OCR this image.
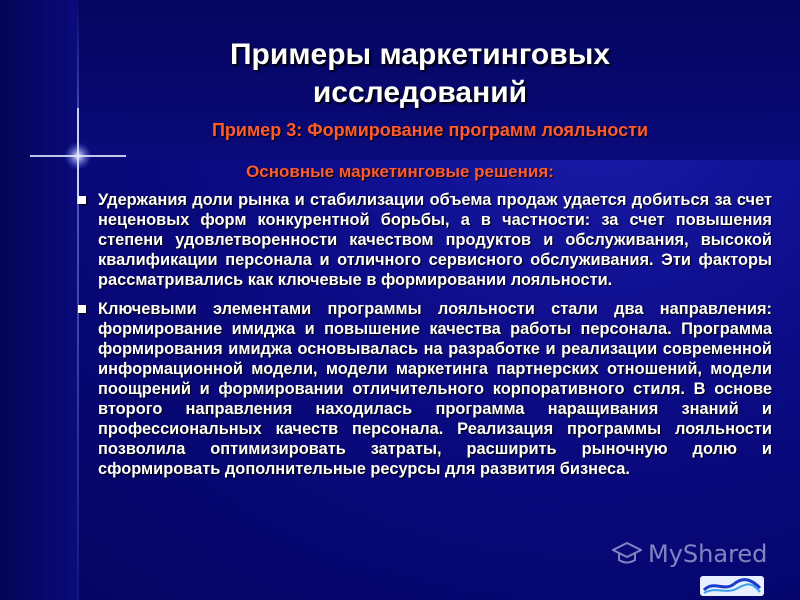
Примеры маркетинговых
исследований
Пример 3: Формирование программ лояльности
Основные маркетинговые решения:
Удержания доли рынка и стабилизации объема продаж удается добиться за счет неценовых форм конкурентной борьбы, а в частности: за счет повышения степени удовлетворенности качеством продуктов и обслуживания, высокой квалификации персонала и отличного сервисного обслуживания. Эти факторы рассматривались как ключевые в формировании лояльности.
Ключевыми элементами программы лояльности стали два направления: формирование имиджа и повышение качества работы персонала. Программа формирования имиджа основывалась на разработке и реализации современной информационной модели, модели маркетинга партнерских отношений, модели поощрений и формировании отличительного корпоративного стиля. В основе второго направления находилась программа наращивания знаний и профессиональных качеств персонала. Реализация программы лояльности позволила оптимизировать затраты, расширить рыночную долю и сформировать дополнительные ресурсы для развития бизнеса.
MyShared
